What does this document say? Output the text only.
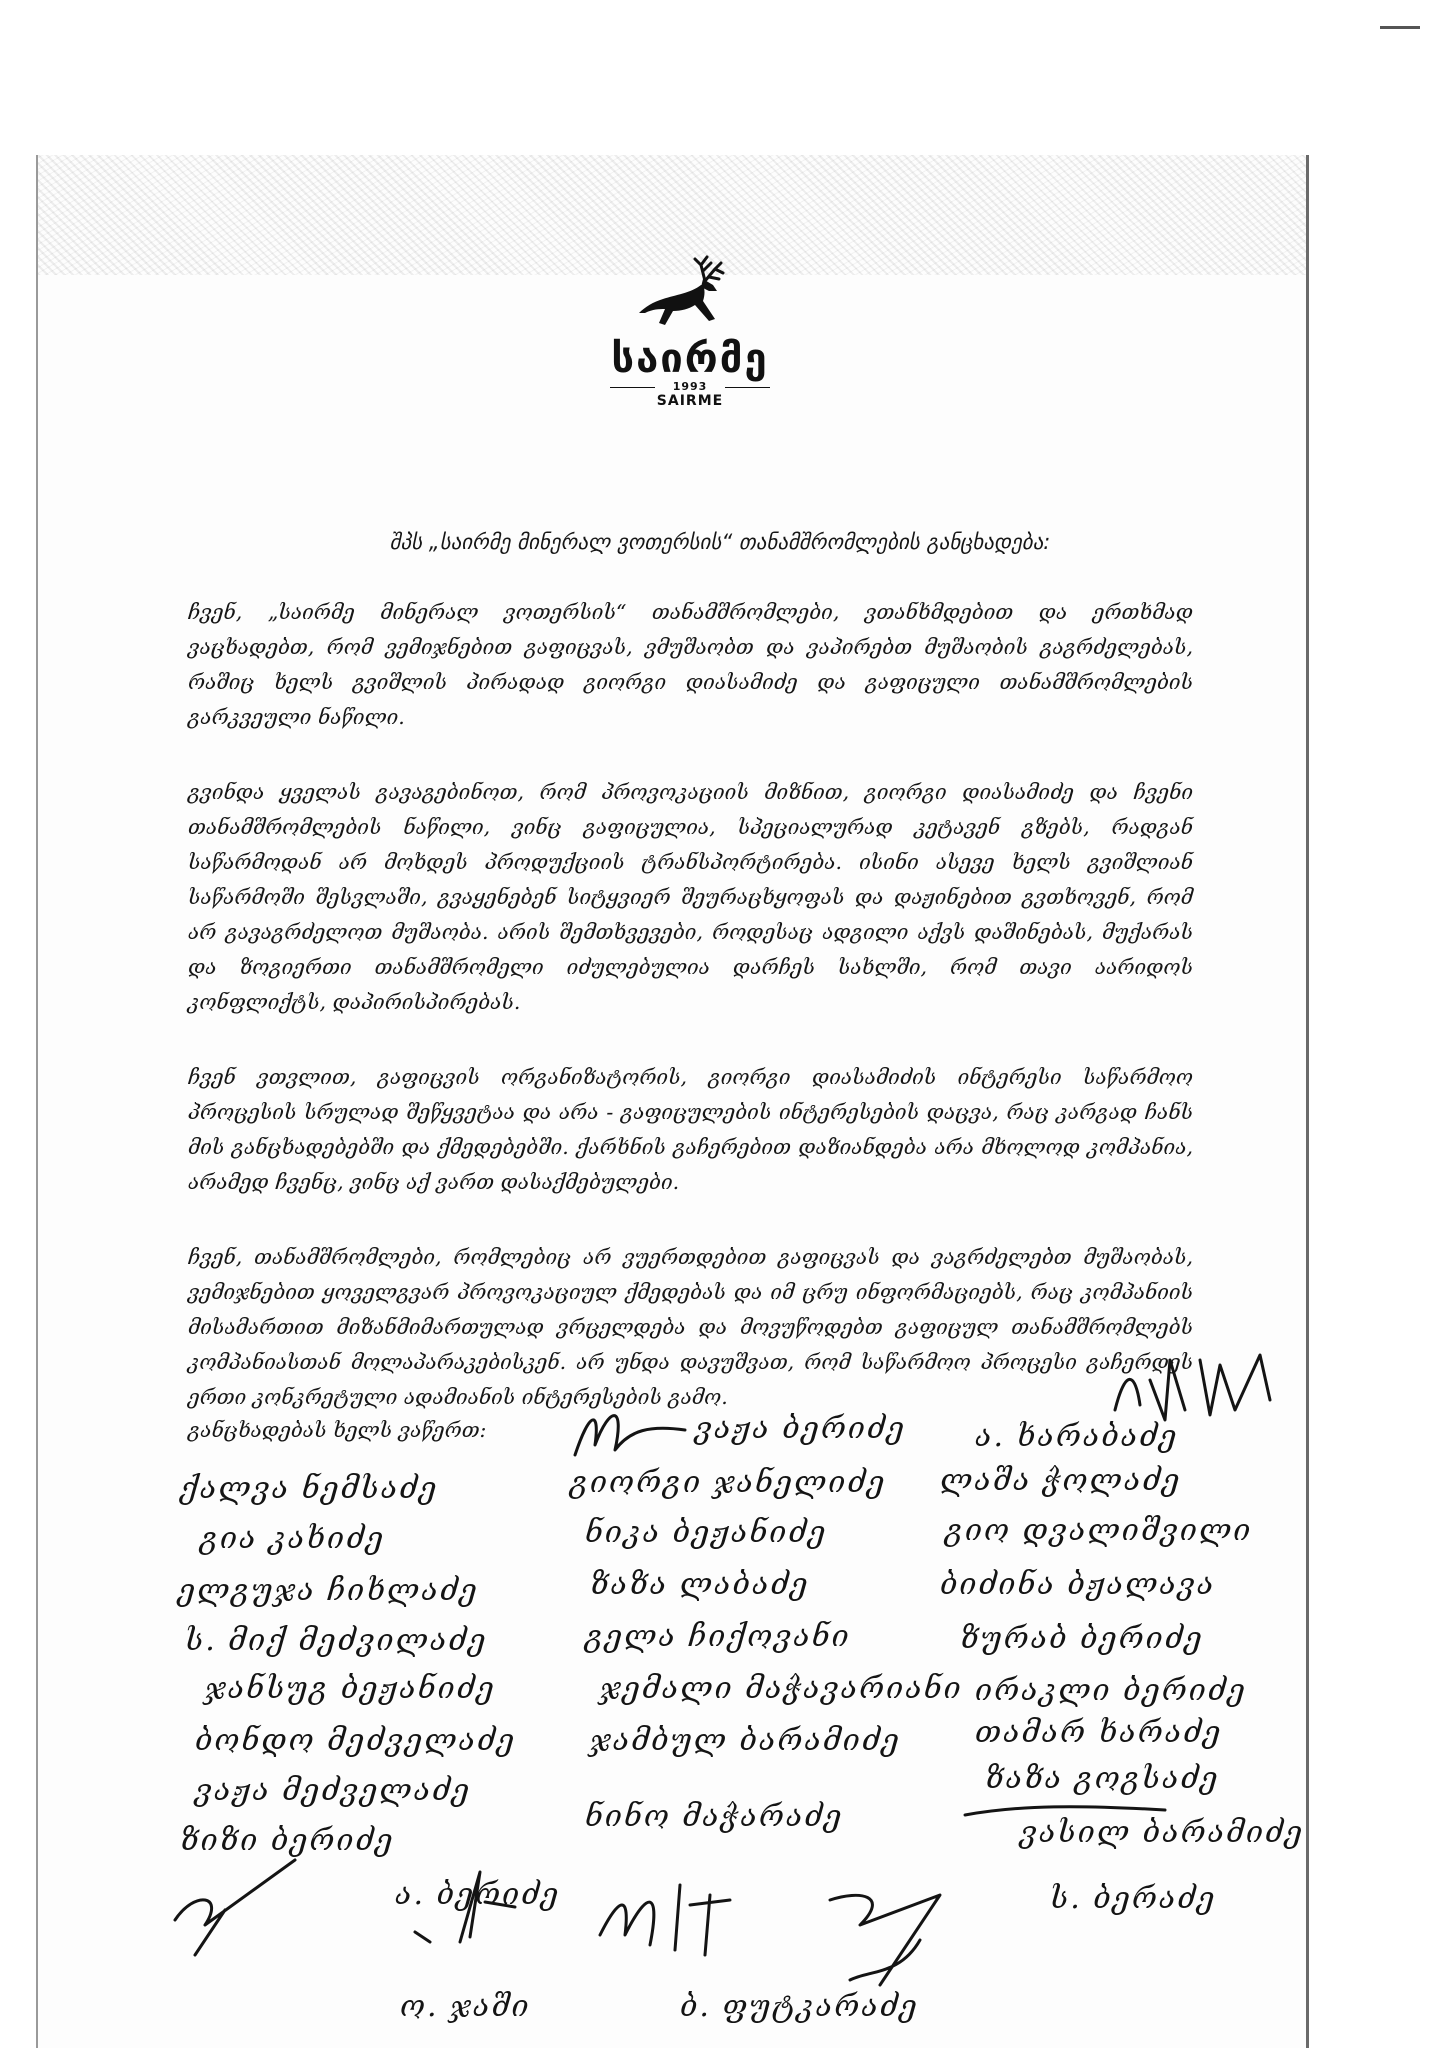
საირმე
1993
SAIRME
შპს „საირმე მინერალ ვოთერსის“ თანამშრომლების განცხადება:

ჩვენ, „საირმე მინერალ ვოთერსის“ თანამშრომლები, ვთანხმდებით და ერთხმად ვაცხადებთ, რომ ვემიჯნებით გაფიცვას, ვმუშაობთ და ვაპირებთ მუშაობის გაგრძელებას, რაშიც ხელს გვიშლის პირადად გიორგი დიასამიძე და გაფიცული თანამშრომლების გარკვეული ნაწილი.

გვინდა ყველას გავაგებინოთ, რომ პროვოკაციის მიზნით, გიორგი დიასამიძე და ჩვენი თანამშრომლების ნაწილი, ვინც გაფიცულია, სპეციალურად კეტავენ გზებს, რადგან საწარმოდან არ მოხდეს პროდუქციის ტრანსპორტირება. ისინი ასევე ხელს გვიშლიან საწარმოში შესვლაში, გვაყენებენ სიტყვიერ შეურაცხყოფას და დაჟინებით გვთხოვენ, რომ არ გავაგრძელოთ მუშაობა. არის შემთხვევები, როდესაც ადგილი აქვს დაშინებას, მუქარას და ზოგიერთი თანამშრომელი იძულებულია დარჩეს სახლში, რომ თავი აარიდოს კონფლიქტს, დაპირისპირებას.

ჩვენ ვთვლით, გაფიცვის ორგანიზატორის, გიორგი დიასამიძის ინტერესი საწარმოო პროცესის სრულად შეწყვეტაა და არა - გაფიცულების ინტერესების დაცვა, რაც კარგად ჩანს მის განცხადებებში და ქმედებებში. ქარხნის გაჩერებით დაზიანდება არა მხოლოდ კომპანია, არამედ ჩვენც, ვინც აქ ვართ დასაქმებულები.

ჩვენ, თანამშრომლები, რომლებიც არ ვუერთდებით გაფიცვას და ვაგრძელებთ მუშაობას, ვემიჯნებით ყოველგვარ პროვოკაციულ ქმედებას და იმ ცრუ ინფორმაციებს, რაც კომპანიის მისამართით მიზანმიმართულად ვრცელდება და მოვუწოდებთ გაფიცულ თანამშრომლებს კომპანიასთან მოლაპარაკებისკენ. არ უნდა დავუშვათ, რომ საწარმოო პროცესი გაჩერდეს ერთი კონკრეტული ადამიანის ინტერესების გამო.

განცხადებას ხელს ვაწერთ:
ქალვა ნემსაძე
გია კახიძე
ელგუჯა ჩიხლაძე
ს. მიქ მეძვილაძე
ჯანსუგ ბეჟანიძე
ბონდო მეძველაძე
ვაჟა მეძველაძე
ზიზი ბერიძე
ვაჟა ბერიძე
გიორგი ჯანელიძე
ნიკა ბეჟანიძე
ზაზა ლაბაძე
გელა ჩიქოვანი
ჯემალი მაჭავარიანი
ჯამბულ ბარამიძე
ნინო მაჭარაძე
ა. ხარაბაძე
ლაშა ჭოლაძე
გიო დვალიშვილი
ბიძინა ბჟალავა
ზურაბ ბერიძე
ირაკლი ბერიძე
თამარ ხარაძე
ზაზა გოგსაძე
ვასილ ბარამიძე
ა. ბერიძე
ო. ჯაში	ბ. ფუტკარაძე
ს. ბერაძე
